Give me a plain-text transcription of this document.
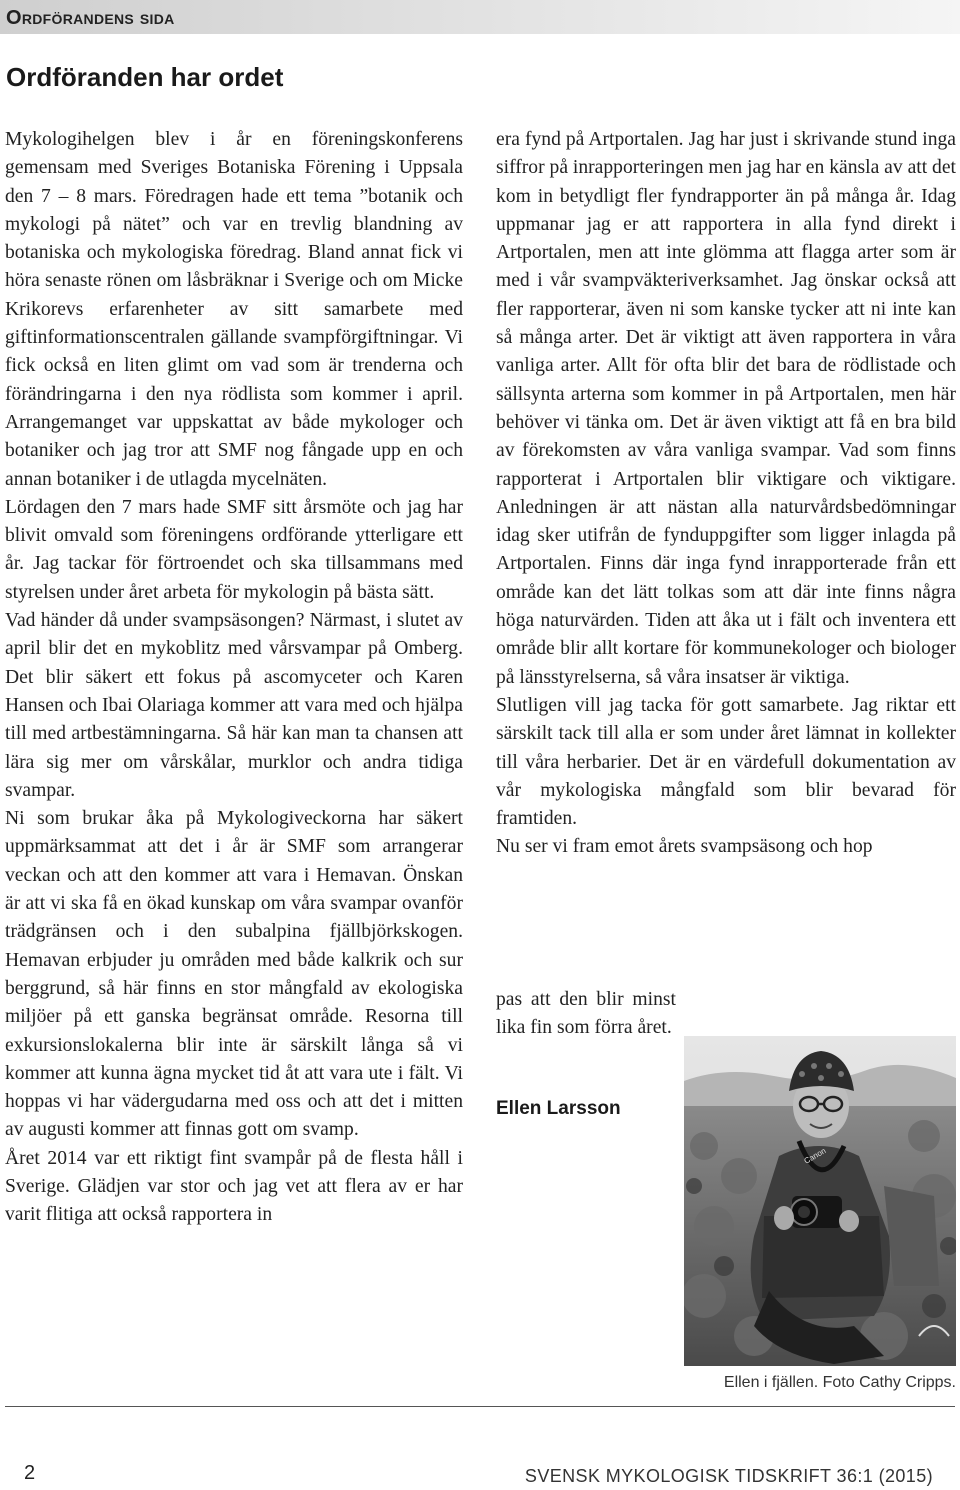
Ordförandens sida
Ordföranden har ordet

Mykologihelgen blev i år en föreningskonferens gemensam med Sveriges Botaniska Förening i Uppsala den 7 – 8 mars. Föredragen hade ett tema ”botanik och mykologi på nätet” och var en trevlig blandning av botaniska och mykologiska föredrag. Bland annat fick vi höra senaste rönen om låsbräknar i Sverige och om Micke Krikorevs erfarenheter av sitt samarbete med giftinformationscentralen gällande svampförgiftningar. Vi fick också en liten glimt om vad som är trenderna och förändringarna i den nya rödlista som kommer i april. Arrangemanget var uppskattat av både mykologer och botaniker och jag tror att SMF nog fångade upp en och annan botaniker i de utlagda mycelnäten.

Lördagen den 7 mars hade SMF sitt årsmöte och jag har blivit omvald som föreningens ordförande ytterligare ett år. Jag tackar för förtroendet och ska tillsammans med styrelsen under året arbeta för mykologin på bästa sätt.

Vad händer då under svampsäsongen? Närmast, i slutet av april blir det en mykoblitz med vårsvampar på Omberg. Det blir säkert ett fokus på ascomyceter och Karen Hansen och Ibai Olariaga kommer att vara med och hjälpa till med artbestämningarna. Så här kan man ta chansen att lära sig mer om vårskålar, murklor och andra tidiga svampar.

Ni som brukar åka på Mykologiveckorna har säkert uppmärksammat att det i år är SMF som arrangerar veckan och att den kommer att vara i Hemavan. Önskan är att vi ska få en ökad kunskap om våra svampar ovanför trädgränsen och i den subalpina fjällbjörkskogen. Hemavan erbjuder ju områden med både kalkrik och sur berggrund, så här finns en stor mångfald av ekologiska miljöer på ett ganska begränsat område. Resorna till exkursionslokalerna blir inte är särskilt långa så vi kommer att kunna ägna mycket tid åt att vara ute i fält. Vi hoppas vi har vädergudarna med oss och att det i mitten av augusti kommer att finnas gott om svamp.

Året 2014 var ett riktigt fint svampår på de flesta håll i Sverige. Glädjen var stor och jag vet att flera av er har varit flitiga att också rapportera in

era fynd på Artportalen. Jag har just i skrivande stund inga siffror på inrapporteringen men jag har en känsla av att det kom in betydligt fler fyndrapporter än på många år. Idag uppmanar jag er att rapportera in alla fynd direkt i Artportalen, men att inte glömma att flagga arter som är med i vår svampväkteriverksamhet. Jag önskar också att fler rapporterar, även ni som kanske tycker att ni inte kan så många arter. Det är viktigt att även rapportera in våra vanliga arter. Allt för ofta blir det bara de rödlistade och sällsynta arterna som kommer in på Artportalen, men här behöver vi tänka om. Det är även viktigt att få en bra bild av förekomsten av våra vanliga svampar. Vad som finns rapporterat i Artportalen blir viktigare och viktigare. Anledningen är att nästan alla naturvårdsbedömningar idag sker utifrån de fynduppgifter som ligger inlagda på Artportalen. Finns där inga fynd inrapporterade från ett område kan det lätt tolkas som att där inte finns några höga naturvärden. Tiden att åka ut i fält och inventera ett område blir allt kortare för kommunekologer och biologer på länsstyrelserna, så våra insatser är viktiga.

Slutligen vill jag tacka för gott samarbete. Jag riktar ett särskilt tack till alla er som under året lämnat in kollekter till våra herbarier. Det är en värdefull dokumentation av vår mykologiska mångfald som blir bevarad för framtiden.

Nu ser vi fram emot årets svampsäsong och hop

pas att den blir minst lika fin som förra året.

Ellen Larsson
Canon
Ellen i fjällen. Foto Cathy Cripps.
2	SVENSK MYKOLOGISK TIDSKRIFT 36:1 (2015)
